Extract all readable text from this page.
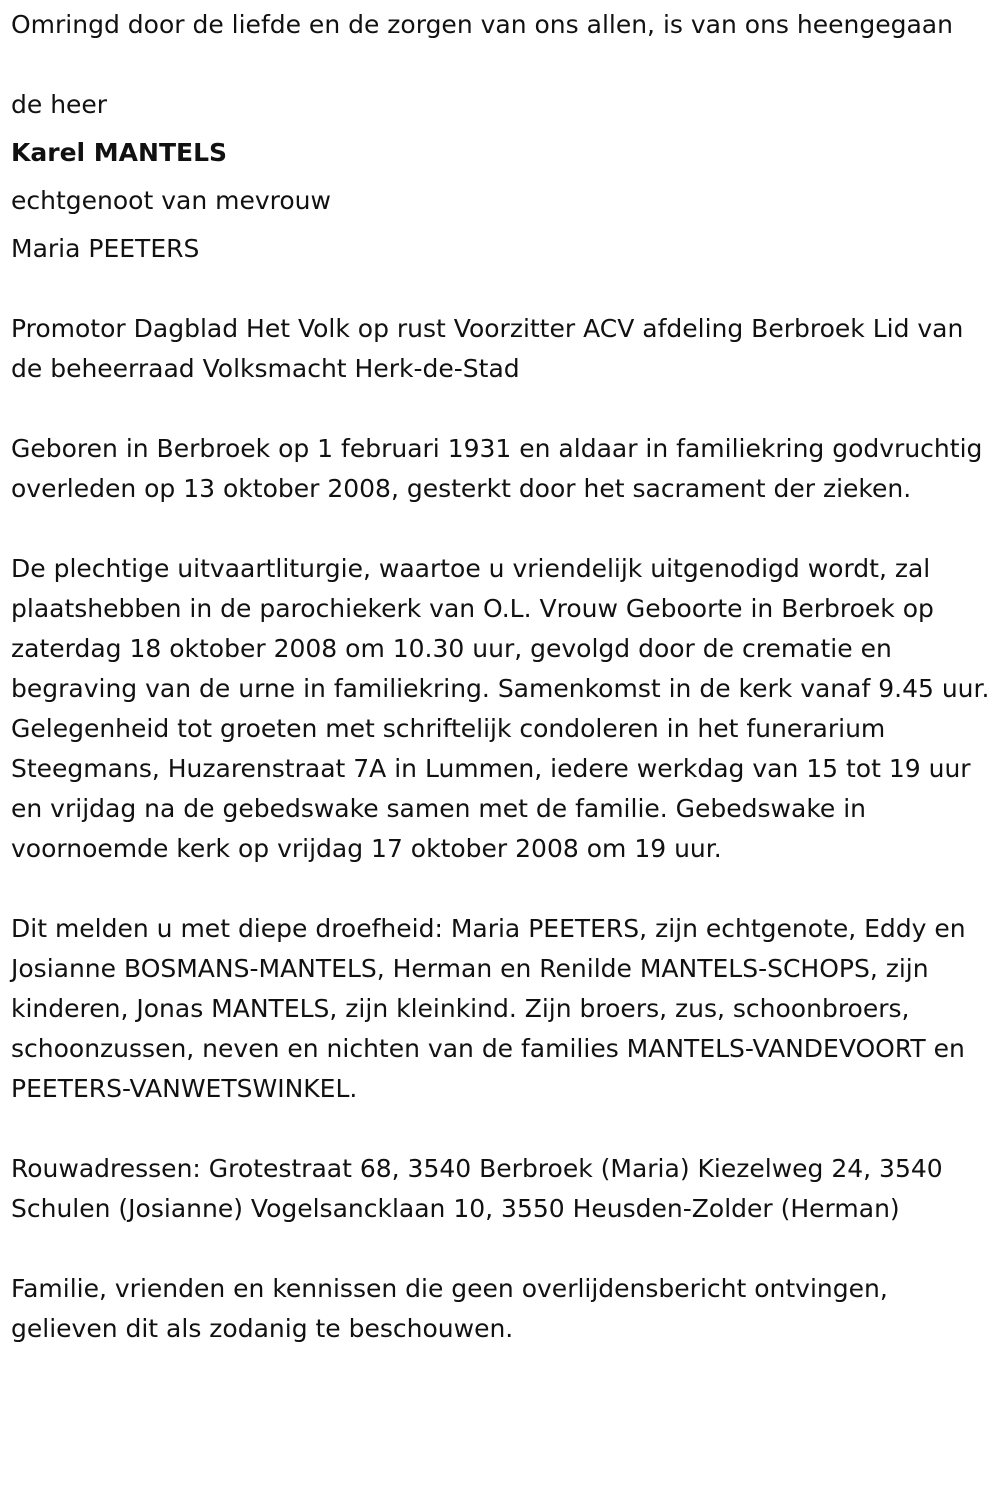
Omringd door de liefde en de zorgen van ons allen, is van ons heengegaan

de heer

Karel MANTELS

echtgenoot van mevrouw

Maria PEETERS

Promotor Dagblad Het Volk op rust Voorzitter ACV afdeling Berbroek Lid van de beheerraad Volksmacht Herk-de-Stad

Geboren in Berbroek op 1 februari 1931 en aldaar in familiekring godvruchtig overleden op 13 oktober 2008, gesterkt door het sacrament der zieken.

De plechtige uitvaartliturgie, waartoe u vriendelijk uitgenodigd wordt, zal plaatshebben in de parochiekerk van O.L. Vrouw Geboorte in Berbroek op zaterdag 18 oktober 2008 om 10.30 uur, gevolgd door de crematie en begraving van de urne in familiekring. Samenkomst in de kerk vanaf 9.45 uur. Gelegenheid tot groeten met schriftelijk condoleren in het funerarium Steegmans, Huzarenstraat 7A in Lummen, iedere werkdag van 15 tot 19 uur en vrijdag na de gebedswake samen met de familie. Gebedswake in voornoemde kerk op vrijdag 17 oktober 2008 om 19 uur.

Dit melden u met diepe droefheid: Maria PEETERS, zijn echtgenote, Eddy en Josianne BOSMANS-MANTELS, Herman en Renilde MANTELS-SCHOPS, zijn kinderen, Jonas MANTELS, zijn kleinkind. Zijn broers, zus, schoonbroers, schoonzussen, neven en nichten van de families MANTELS-VANDEVOORT en PEETERS-VANWETSWINKEL.

Rouwadressen: Grotestraat 68, 3540 Berbroek (Maria) Kiezelweg 24, 3540 Schulen (Josianne) Vogelsancklaan 10, 3550 Heusden-Zolder (Herman)

Familie, vrienden en kennissen die geen overlijdensbericht ontvingen, gelieven dit als zodanig te beschouwen.
